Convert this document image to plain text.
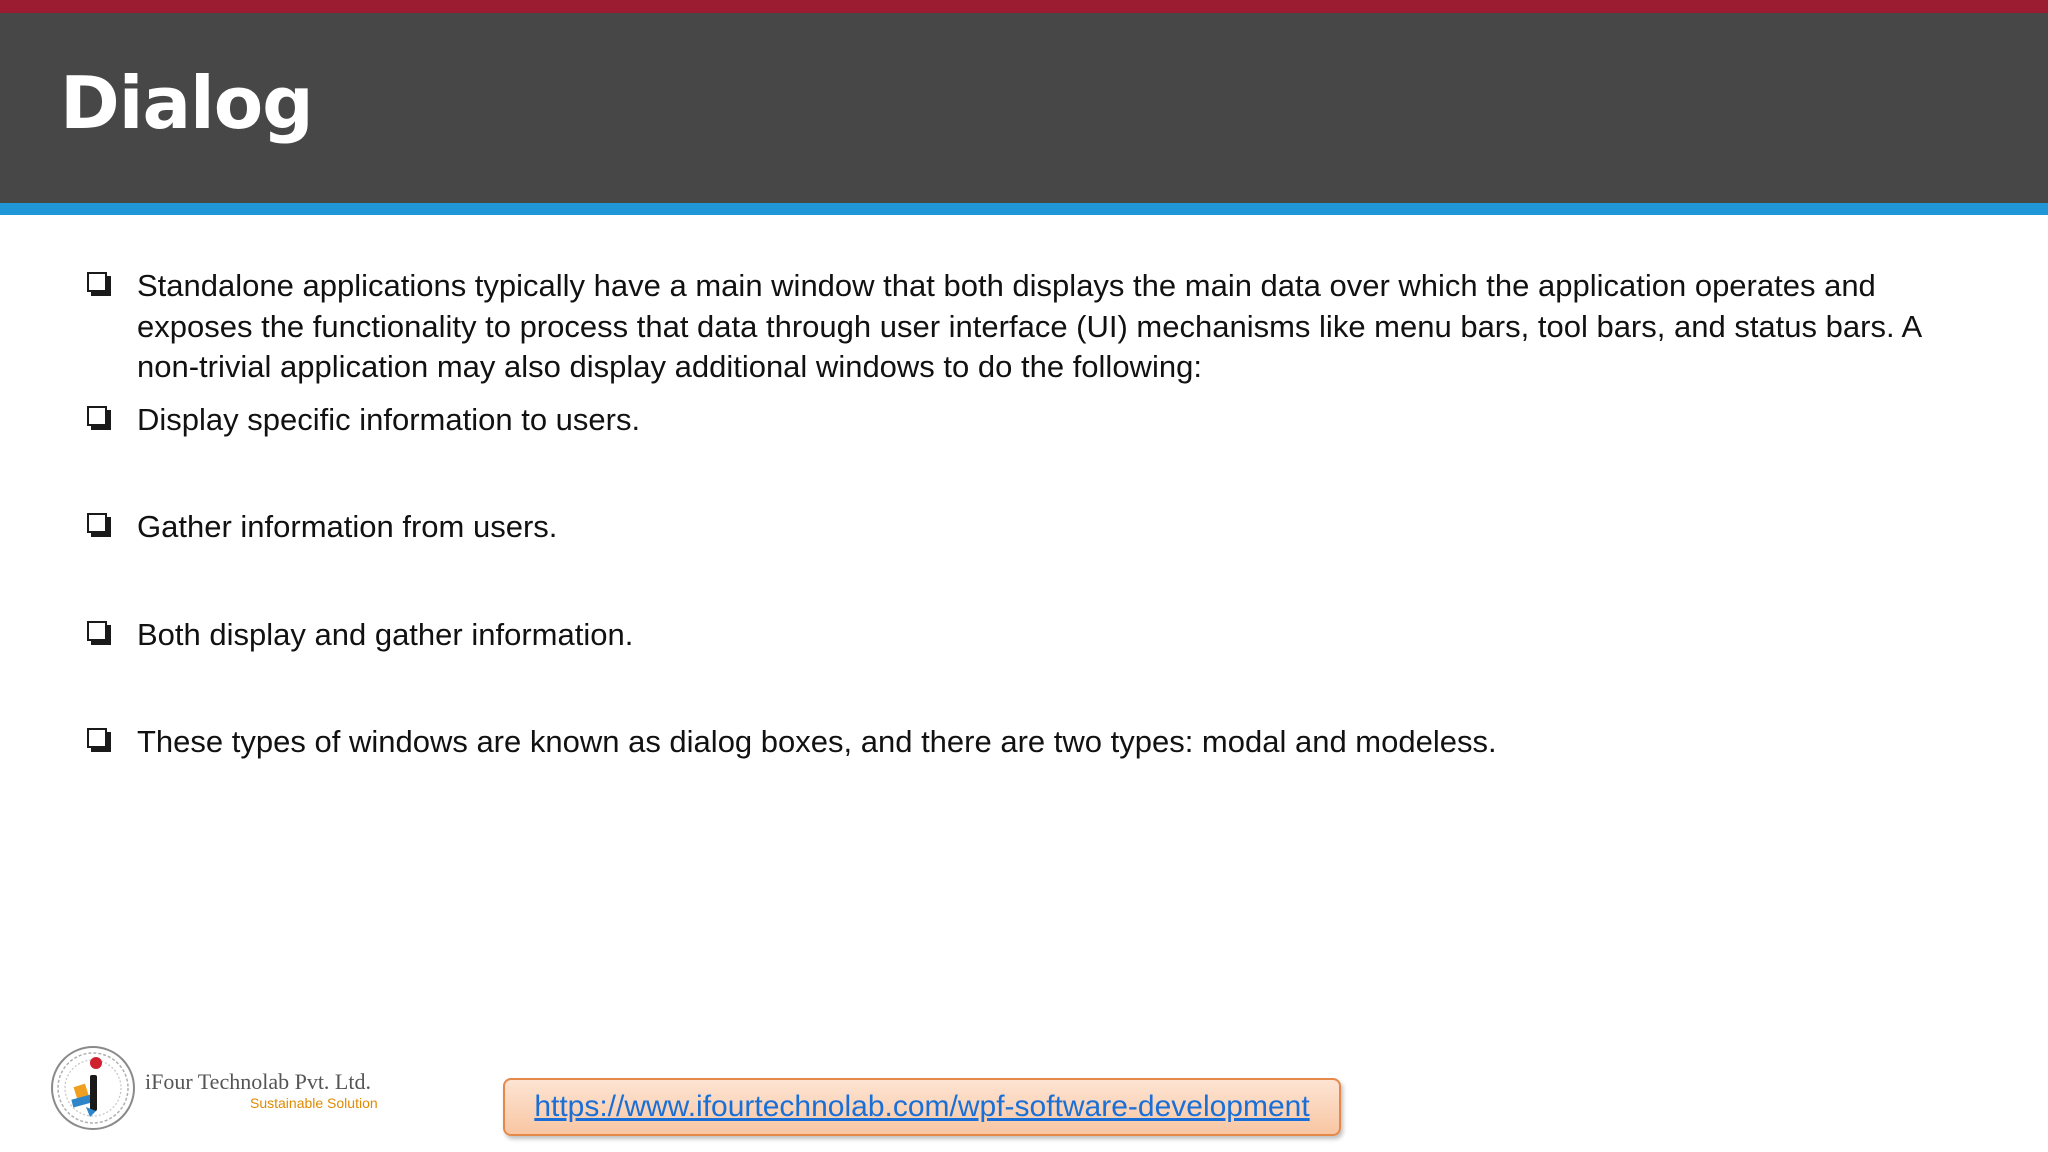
Dialog
Standalone applications typically have a main window that both displays the main data over which the application operates and exposes the functionality to process that data through user interface (UI) mechanisms like menu bars, tool bars, and status bars. A non-trivial application may also display additional windows to do the following:
Display specific information to users.
Gather information from users.
Both display and gather information.
These types of windows are known as dialog boxes, and there are two types: modal and modeless.
iFour Technolab Pvt. Ltd.
Sustainable Solution	https://www.ifourtechnolab.com/wpf-software-development
